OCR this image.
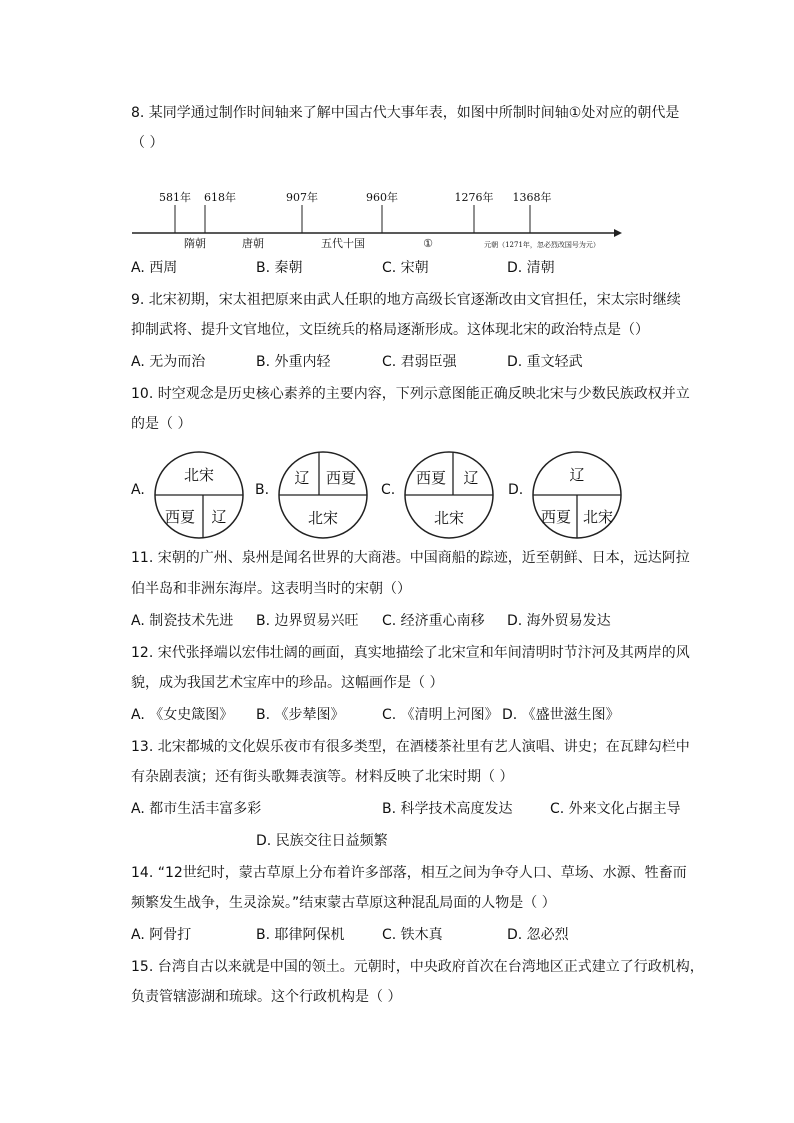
8. 某同学通过制作时间轴来了解中国古代大事年表，如图中所制时间轴①处对应的朝代是
（ ）
581年 618年	907年	960年	1276年 1368年
隋朝	唐朝	五代十国	①	元朝（1271年，忽必烈改国号为元）
A. 西周	B. 秦朝	C. 宋朝	D. 清朝
9. 北宋初期，宋太祖把原来由武人任职的地方高级长官逐渐改由文官担任，宋太宗时继续
抑制武将、提升文官地位，文臣统兵的格局逐渐形成。这体现北宋的政治特点是（）
A. 无为而治	B. 外重内轻	C. 君弱臣强	D. 重文轻武
10. 时空观念是历史核心素养的主要内容，下列示意图能正确反映北宋与少数民族政权并立
的是（ ）
A.
北宋
西夏 辽
B.
辽 西夏
北宋
C.
西夏 辽
北宋
D.
辽
西夏 北宋
11. 宋朝的广州、泉州是闻名世界的大商港。中国商船的踪迹，近至朝鲜、日本，远达阿拉
伯半岛和非洲东海岸。这表明当时的宋朝（）
A. 制瓷技术先进 B. 边界贸易兴旺 C. 经济重心南移 D. 海外贸易发达
12. 宋代张择端以宏伟壮阔的画面，真实地描绘了北宋宣和年间清明时节汴河及其两岸的风
貌，成为我国艺术宝库中的珍品。这幅画作是（ ）
A. 《女史箴图》 B. 《步辇图》	C. 《清明上河图》 D. 《盛世滋生图》
13. 北宋都城的文化娱乐夜市有很多类型，在酒楼茶社里有艺人演唱、讲史；在瓦肆勾栏中
有杂剧表演；还有街头歌舞表演等。材料反映了北宋时期（ ）
A. 都市生活丰富多彩	B. 科学技术高度发达	C. 外来文化占据主导
D. 民族交往日益频繁
14. “12世纪时，蒙古草原上分布着许多部落，相互之间为争夺人口、草场、水源、牲畜而
频繁发生战争，生灵涂炭。”结束蒙古草原这种混乱局面的人物是（ ）
A. 阿骨打	B. 耶律阿保机	C. 铁木真	D. 忽必烈
15. 台湾自古以来就是中国的领土。元朝时，中央政府首次在台湾地区正式建立了行政机构，
负责管辖澎湖和琉球。这个行政机构是（ ）
